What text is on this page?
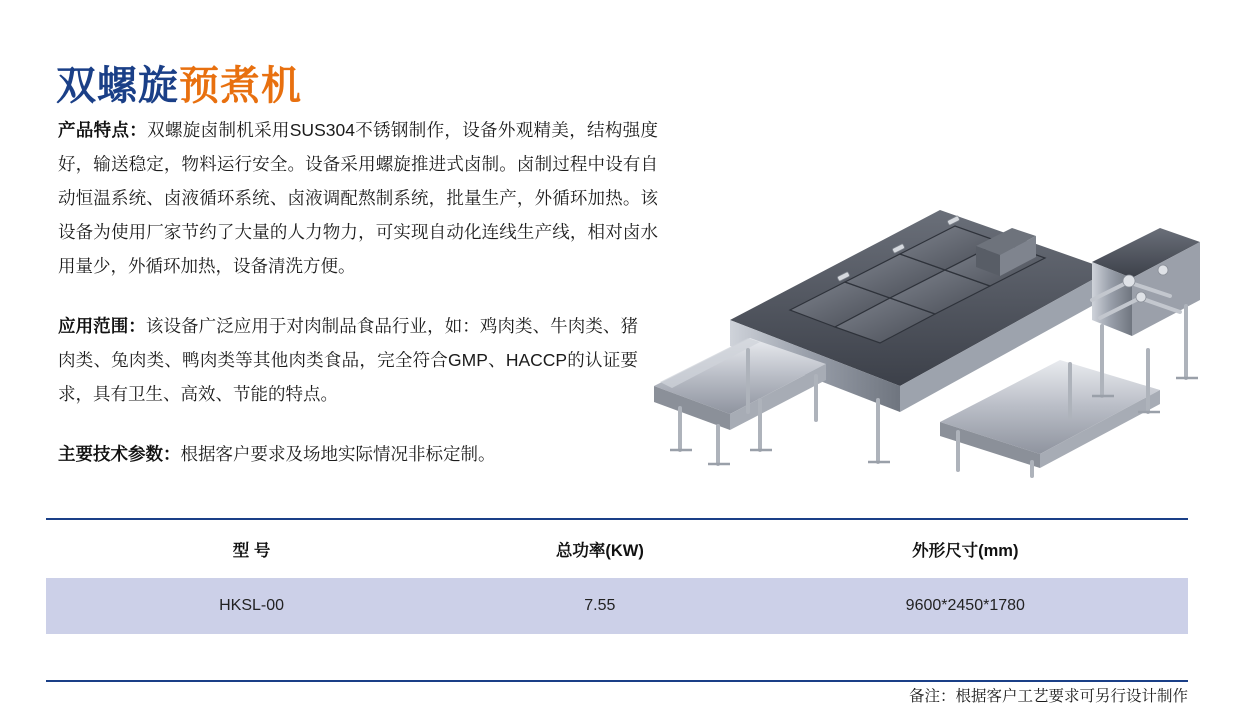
双螺旋预煮机

产品特点：双螺旋卤制机采用SUS304不锈钢制作，设备外观精美，结构强度好，输送稳定，物料运行安全。设备采用螺旋推进式卤制。卤制过程中设有自动恒温系统、卤液循环系统、卤液调配熬制系统，批量生产，外循环加热。该设备为使用厂家节约了大量的人力物力，可实现自动化连线生产线，相对卤水用量少，外循环加热，设备清洗方便。

应用范围：该设备广泛应用于对肉制品食品行业，如：鸡肉类、牛肉类、猪肉类、兔肉类、鸭肉类等其他肉类食品，完全符合GMP、HACCP的认证要求，具有卫生、高效、节能的特点。

主要技术参数：根据客户要求及场地实际情况非标定制。

型 号	总功率(KW)	外形尺寸(mm)
HKSL-00	7.55	9600*2450*1780
备注：根据客户工艺要求可另行设计制作
